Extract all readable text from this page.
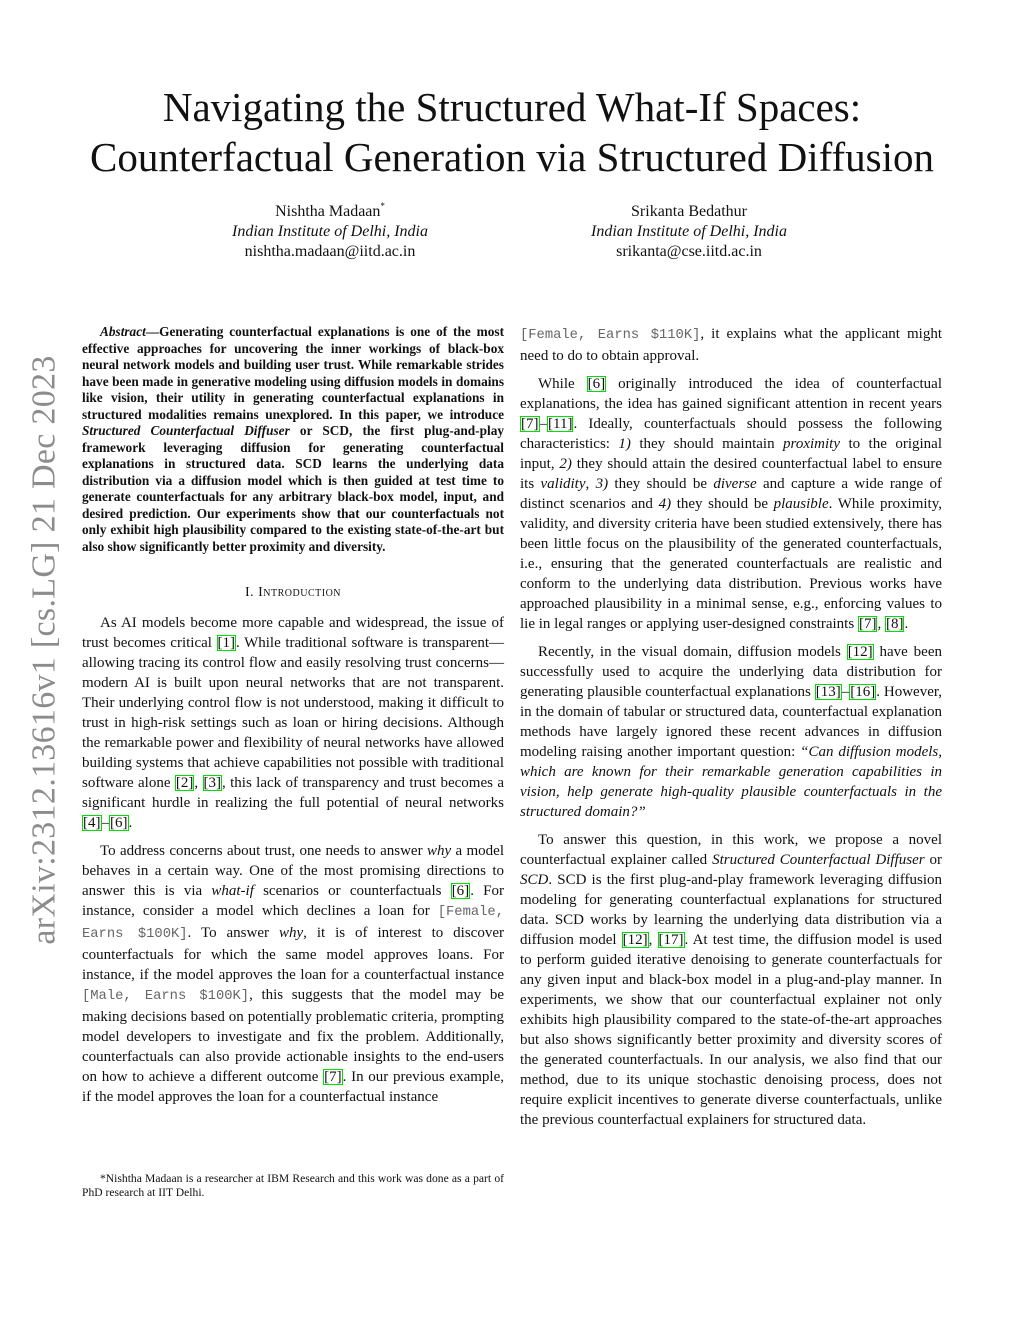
arXiv:2312.13616v1 [cs.LG] 21 Dec 2023
Navigating the Structured What-If Spaces:
Counterfactual Generation via Structured Diffusion
Nishtha Madaan*
Indian Institute of Delhi, India
nishtha.madaan@iitd.ac.in
Srikanta Bedathur
Indian Institute of Delhi, India
srikanta@cse.iitd.ac.in

Abstract—Generating counterfactual explanations is one of the most effective approaches for uncovering the inner workings of black-box neural network models and building user trust. While remarkable strides have been made in generative modeling using diffusion models in domains like vision, their utility in generating counterfactual explanations in structured modalities remains unexplored. In this paper, we introduce Structured Counterfactual Diffuser or SCD, the first plug-and-play framework leveraging diffusion for generating counterfactual explanations in structured data. SCD learns the underlying data distribution via a diffusion model which is then guided at test time to generate counterfactuals for any arbitrary black-box model, input, and desired prediction. Our experiments show that our counterfactuals not only exhibit high plausibility compared to the existing state-of-the-art but also show significantly better proximity and diversity.

I. Introduction

As AI models become more capable and widespread, the issue of trust becomes critical [1]. While traditional software is transparent—allowing tracing its control flow and easily resolving trust concerns—modern AI is built upon neural networks that are not transparent. Their underlying control flow is not understood, making it difficult to trust in high-risk settings such as loan or hiring decisions. Although the remarkable power and flexibility of neural networks have allowed building systems that achieve capabilities not possible with traditional software alone [2], [3], this lack of transparency and trust becomes a significant hurdle in realizing the full potential of neural networks [4]–[6].

To address concerns about trust, one needs to answer why a model behaves in a certain way. One of the most promising directions to answer this is via what-if scenarios or counterfactuals [6]. For instance, consider a model which declines a loan for [Female, Earns $100K]. To answer why, it is of interest to discover counterfactuals for which the same model approves loans. For instance, if the model approves the loan for a counterfactual instance [Male, Earns $100K], this suggests that the model may be making decisions based on potentially problematic criteria, prompting model developers to investigate and fix the problem. Additionally, counterfactuals can also provide actionable insights to the end-users on how to achieve a different outcome [7]. In our previous example, if the model approves the loan for a counterfactual instance

*Nishtha Madaan is a researcher at IBM Research and this work was done as a part of PhD research at IIT Delhi.

[Female, Earns $110K], it explains what the applicant might need to do to obtain approval.

While [6] originally introduced the idea of counterfactual explanations, the idea has gained significant attention in recent years [7]–[11]. Ideally, counterfactuals should possess the following characteristics: 1) they should maintain proximity to the original input, 2) they should attain the desired counterfactual label to ensure its validity, 3) they should be diverse and capture a wide range of distinct scenarios and 4) they should be plausible. While proximity, validity, and diversity criteria have been studied extensively, there has been little focus on the plausibility of the generated counterfactuals, i.e., ensuring that the generated counterfactuals are realistic and conform to the underlying data distribution. Previous works have approached plausibility in a minimal sense, e.g., enforcing values to lie in legal ranges or applying user-designed constraints [7], [8].

Recently, in the visual domain, diffusion models [12] have been successfully used to acquire the underlying data distribution for generating plausible counterfactual explanations [13]–[16]. However, in the domain of tabular or structured data, counterfactual explanation methods have largely ignored these recent advances in diffusion modeling raising another important question: “Can diffusion models, which are known for their remarkable generation capabilities in vision, help generate high-quality plausible counterfactuals in the structured domain?”

To answer this question, in this work, we propose a novel counterfactual explainer called Structured Counterfactual Diffuser or SCD. SCD is the first plug-and-play framework leveraging diffusion modeling for generating counterfactual explanations for structured data. SCD works by learning the underlying data distribution via a diffusion model [12], [17]. At test time, the diffusion model is used to perform guided iterative denoising to generate counterfactuals for any given input and black-box model in a plug-and-play manner. In experiments, we show that our counterfactual explainer not only exhibits high plausibility compared to the state-of-the-art approaches but also shows significantly better proximity and diversity scores of the generated counterfactuals. In our analysis, we also find that our method, due to its unique stochastic denoising process, does not require explicit incentives to generate diverse counterfactuals, unlike the previous counterfactual explainers for structured data.
